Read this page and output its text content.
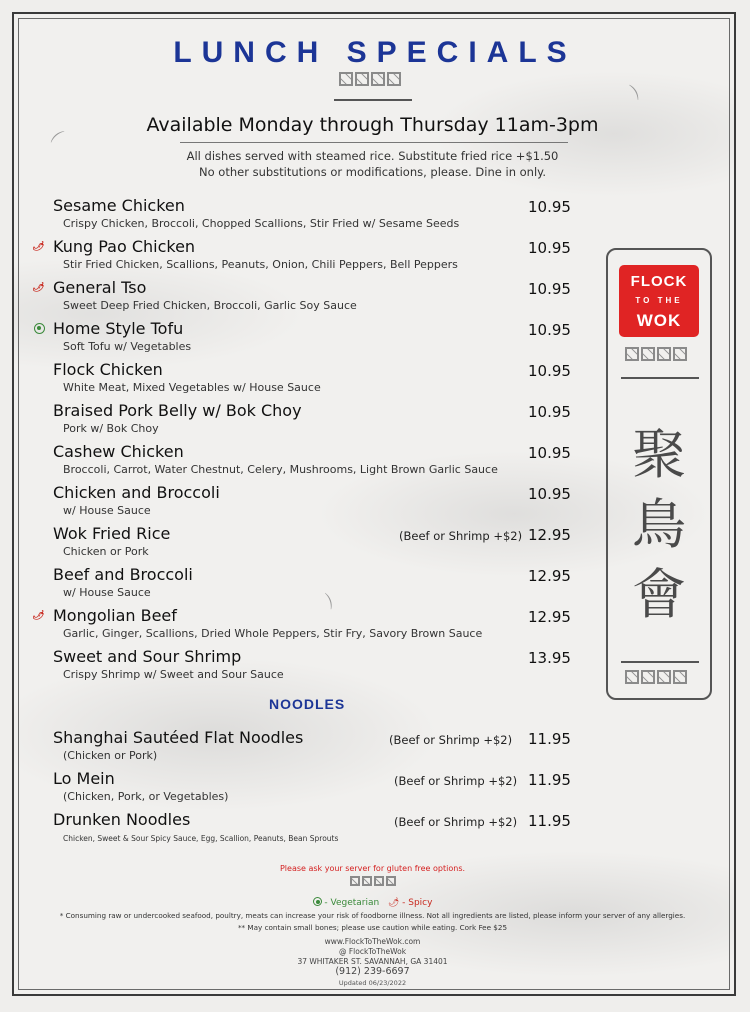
⌒
⌒
⌒
LUNCH SPECIALS
Available Monday through Thursday 11am-3pm
All dishes served with steamed rice. Substitute fried rice +$1.50
No other substitutions or modifications, please. Dine in only.
Sesame Chicken
Crispy Chicken, Broccoli, Chopped Scallions, Stir Fried w/ Sesame Seeds
10.95
🌶 Kung Pao Chicken
Stir Fried Chicken, Scallions, Peanuts, Onion, Chili Peppers, Bell Peppers
10.95
🌶 General Tso
Sweet Deep Fried Chicken, Broccoli, Garlic Soy Sauce
10.95
Home Style Tofu
Soft Tofu w/ Vegetables
10.95
Flock Chicken
White Meat, Mixed Vegetables w/ House Sauce
10.95
Braised Pork Belly w/ Bok Choy
Pork w/ Bok Choy
10.95
Cashew Chicken
Broccoli, Carrot, Water Chestnut, Celery, Mushrooms, Light Brown Garlic Sauce
10.95
Chicken and Broccoli
w/ House Sauce
10.95
Wok Fried Rice
Chicken or Pork
(Beef or Shrimp +$2) 12.95
Beef and Broccoli
w/ House Sauce
12.95
🌶 Mongolian Beef
Garlic, Ginger, Scallions, Dried Whole Peppers, Stir Fry, Savory Brown Sauce
12.95
Sweet and Sour Shrimp
Crispy Shrimp w/ Sweet and Sour Sauce
13.95
NOODLES
Shanghai Sautéed Flat Noodles
(Chicken or Pork)
(Beef or Shrimp +$2) 11.95
Lo Mein
(Chicken, Pork, or Vegetables)
(Beef or Shrimp +$2) 11.95
Drunken Noodles
Chicken, Sweet & Sour Spicy Sauce, Egg, Scallion, Peanuts, Bean Sprouts
(Beef or Shrimp +$2) 11.95
FLOCK
TO THE
WOK
聚
鳥
會
Please ask your server for gluten free options.
- Vegetarian 🌶 - Spicy
* Consuming raw or undercooked seafood, poultry, meats can increase your risk of foodborne illness. Not all ingredients are listed, please inform your server of any allergies.
** May contain small bones; please use caution while eating. Cork Fee $25
www.FlockToTheWok.com
@ FlockToTheWok
37 WHITAKER ST. SAVANNAH, GA 31401
(912) 239-6697
Updated 06/23/2022
